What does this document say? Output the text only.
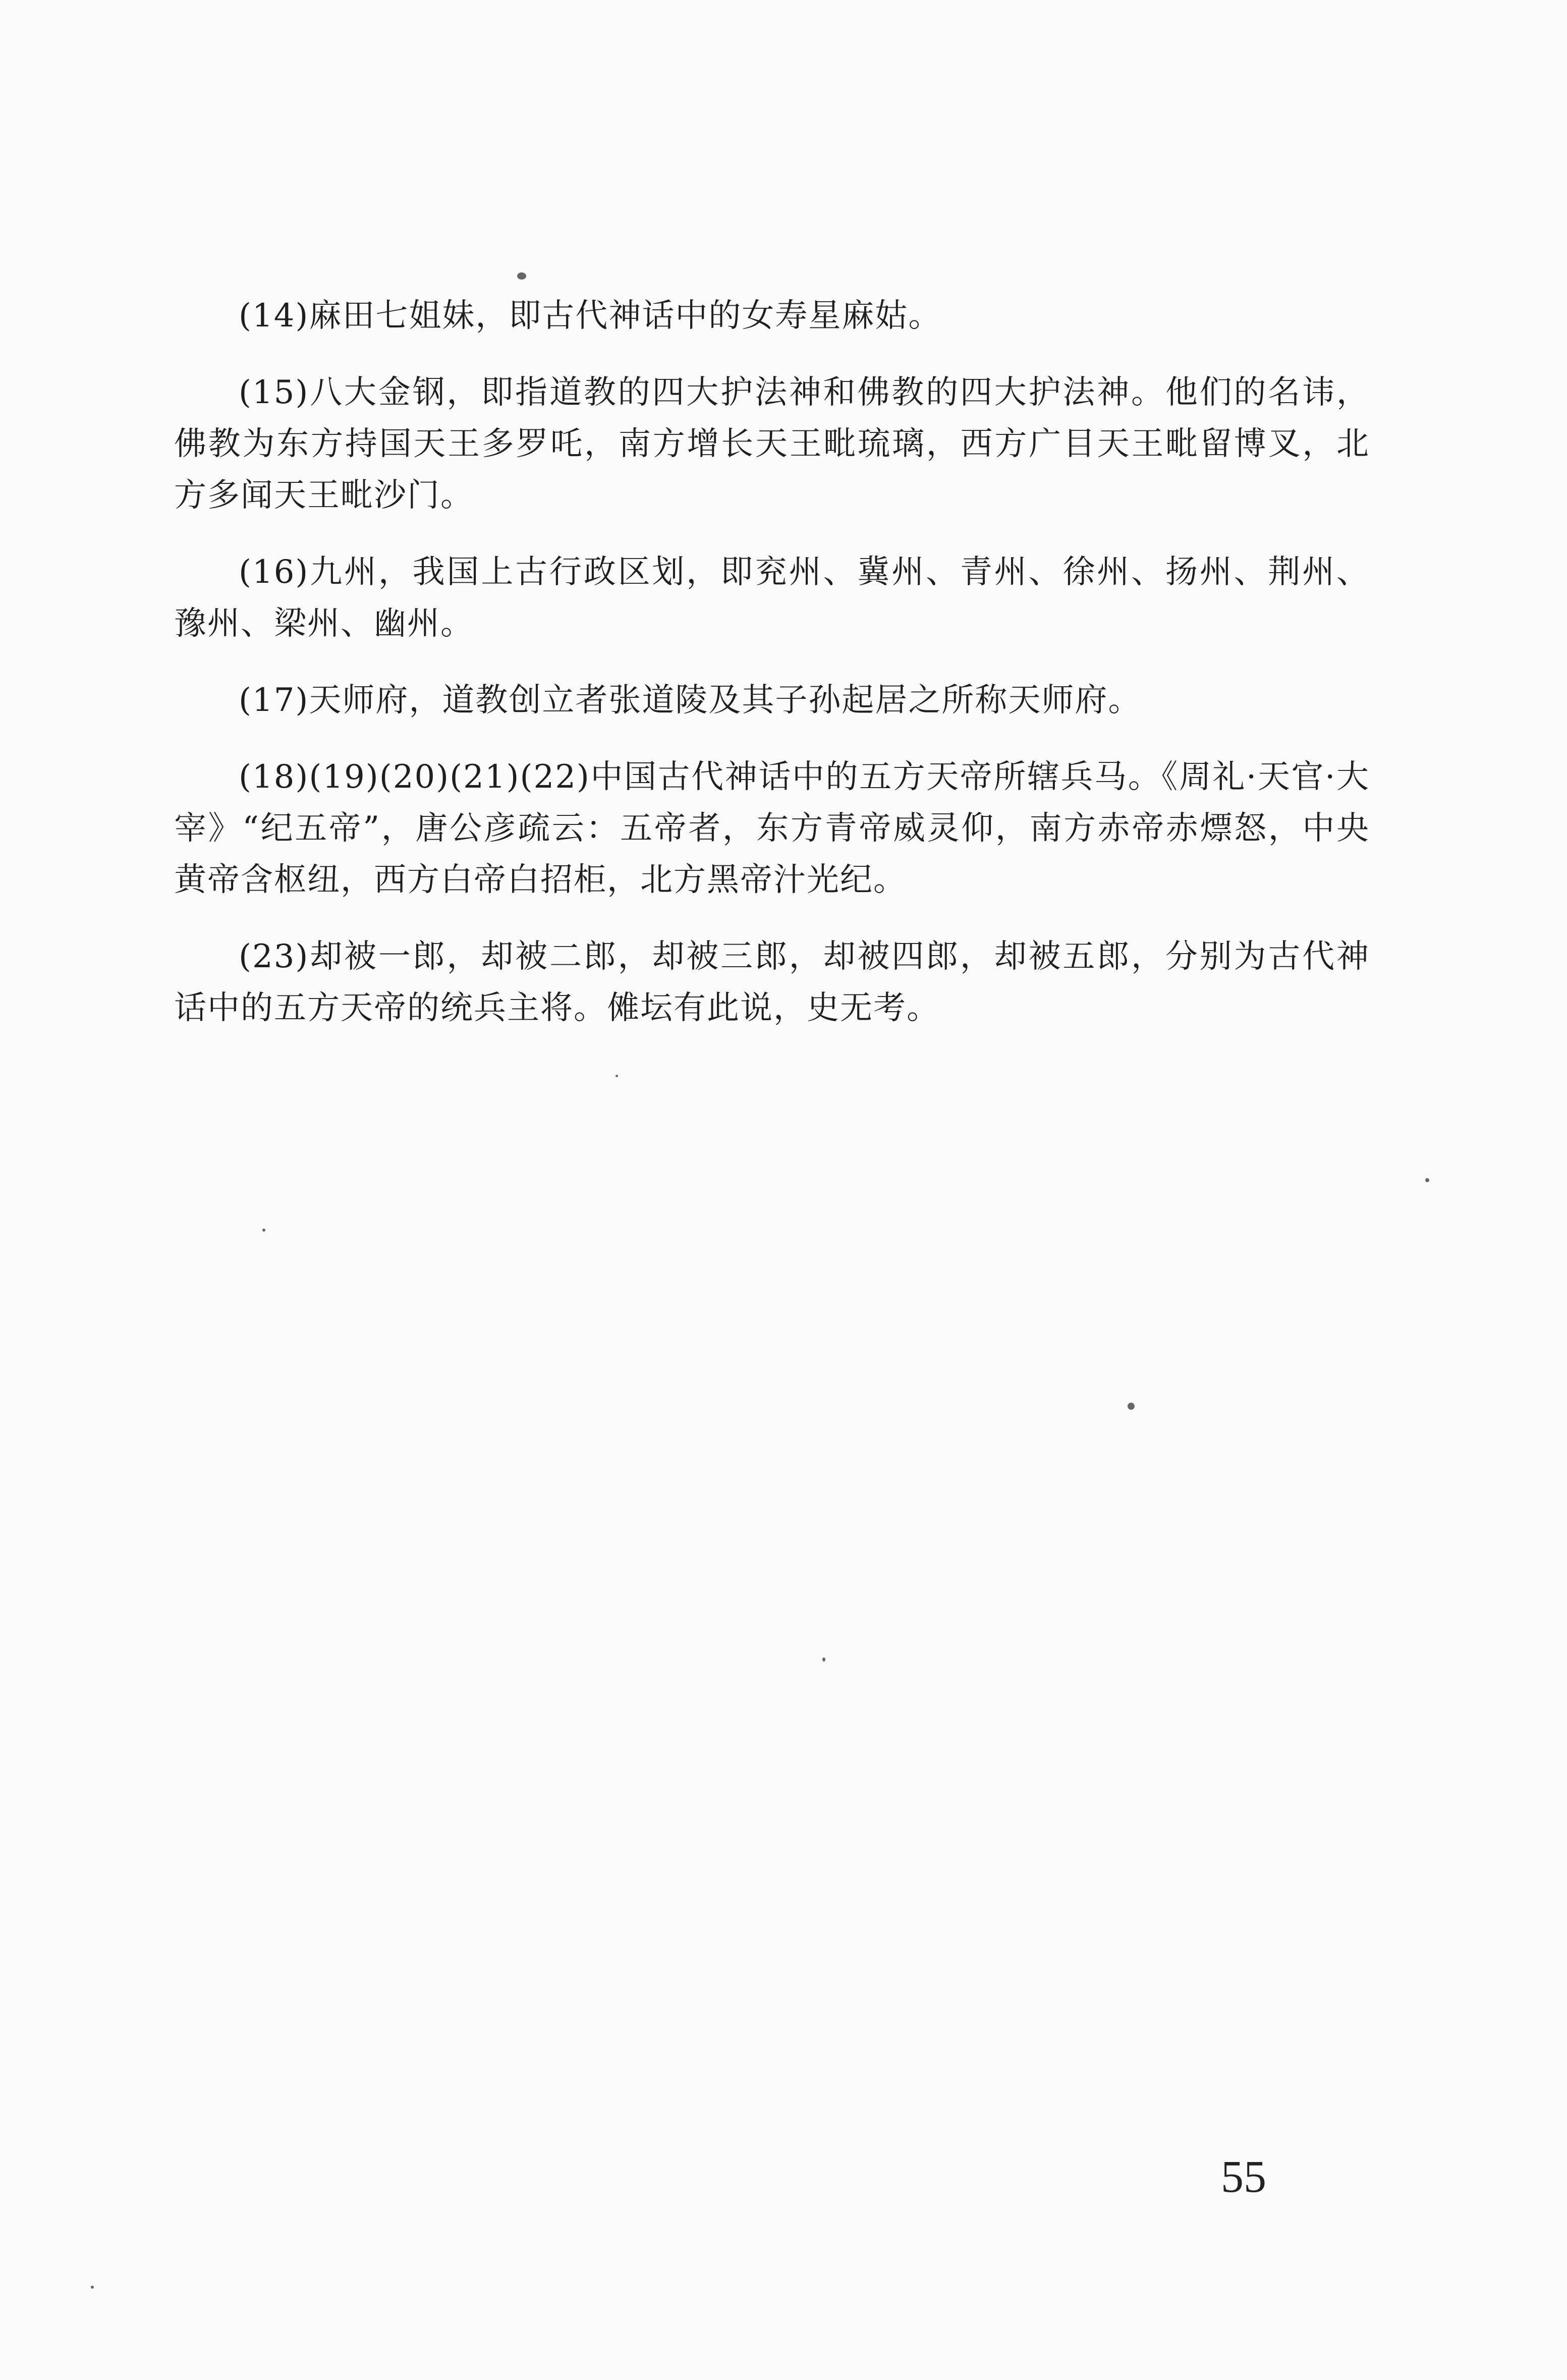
(14)麻田七姐妹，即古代神话中的女寿星麻姑。

(15)八大金钢，即指道教的四大护法神和佛教的四大护法神。他们的名讳，佛教为东方持国天王多罗吒，南方增长天王毗琉璃，西方广目天王毗留博叉，北方多闻天王毗沙门。

(16)九州，我国上古行政区划，即兖州、冀州、青州、徐州、扬州、荆州、豫州、梁州、幽州。

(17)天师府，道教创立者张道陵及其子孙起居之所称天师府。

(18)(19)(20)(21)(22)中国古代神话中的五方天帝所辖兵马。《周礼·天官·大宰》“纪五帝”，唐公彦疏云：五帝者，东方青帝威灵仰，南方赤帝赤熛怒，中央黄帝含枢纽，西方白帝白招柜，北方黑帝汁光纪。

(23)却被一郎，却被二郎，却被三郎，却被四郎，却被五郎，分别为古代神话中的五方天帝的统兵主将。傩坛有此说，史无考。

55
